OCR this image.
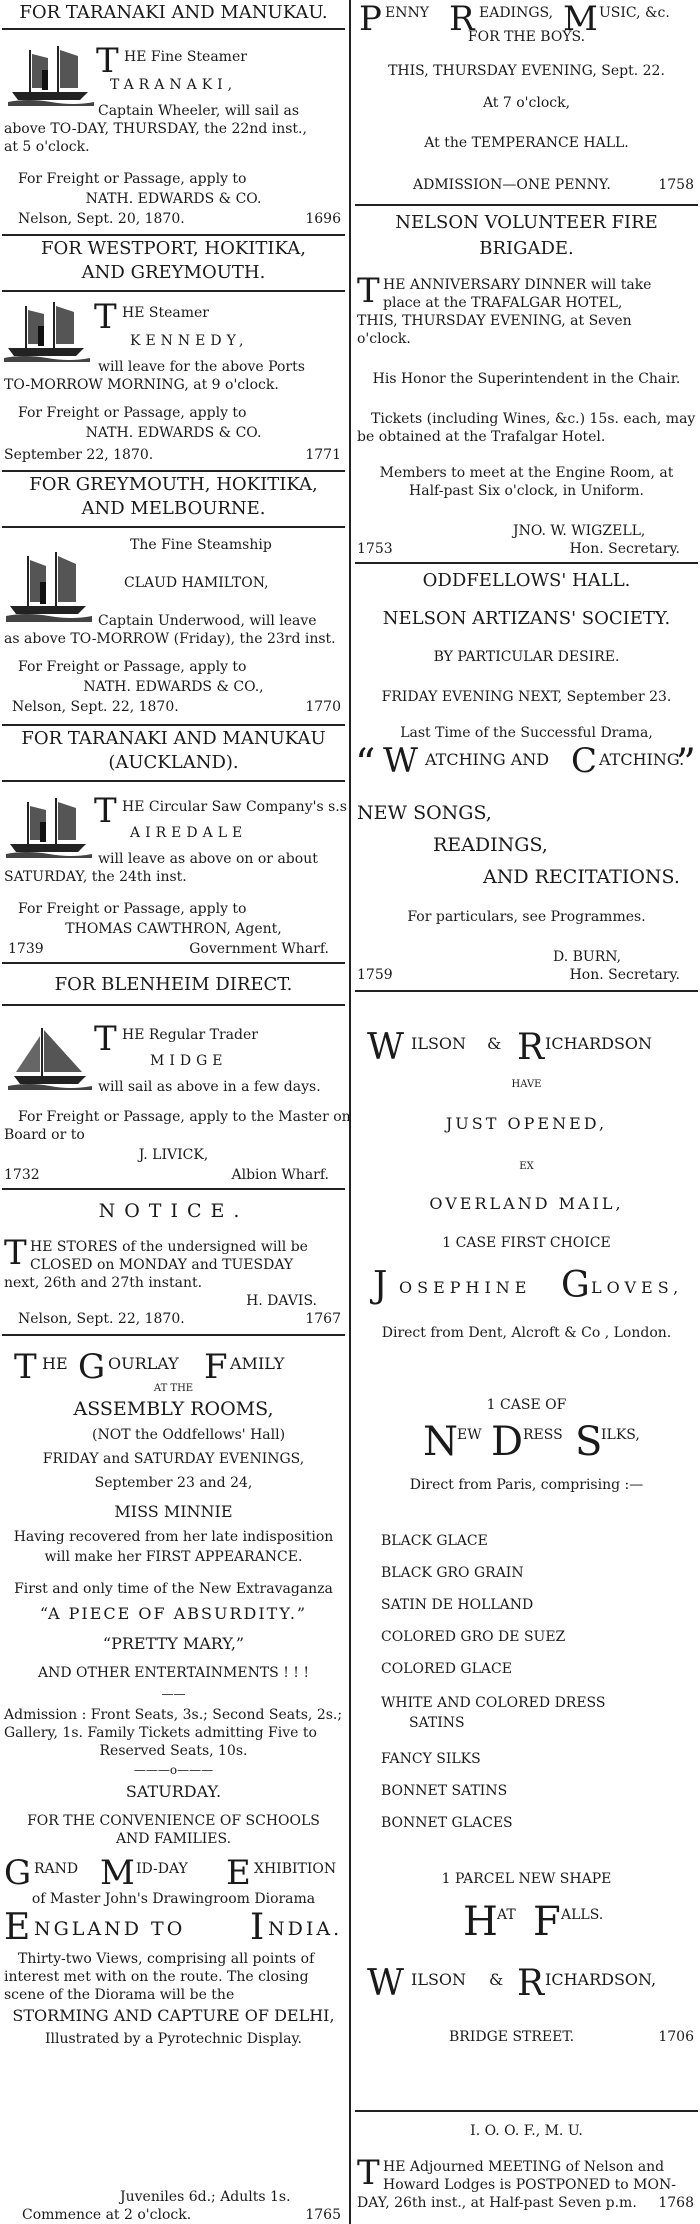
FOR TARANAKI AND MANUKAU.
T HE Fine Steamer
TARANAKI,
Captain Wheeler, will sail as
above TO-DAY, THURSDAY, the 22nd inst.,
at 5 o'clock.
For Freight or Passage, apply to
NATH. EDWARDS & CO.
Nelson, Sept. 20, 1870.	1696
FOR WESTPORT, HOKITIKA,
AND GREYMOUTH.
T HE Steamer
KENNEDY,
will leave for the above Ports
TO-MORROW MORNING, at 9 o'clock.
For Freight or Passage, apply to
NATH. EDWARDS & CO.
September 22, 1870.	1771
FOR GREYMOUTH, HOKITIKA,
AND MELBOURNE.
The Fine Steamship
CLAUD HAMILTON,
Captain Underwood, will leave
as above TO-MORROW (Friday), the 23rd inst.
For Freight or Passage, apply to
NATH. EDWARDS & CO.,
Nelson, Sept. 22, 1870.	1770
FOR TARANAKI AND MANUKAU
(AUCKLAND).
T HE Circular Saw Company's s.s
AIREDALE
will leave as above on or about
SATURDAY, the 24th inst.
For Freight or Passage, apply to
THOMAS CAWTHRON, Agent,
1739	Government Wharf.
FOR BLENHEIM DIRECT.
T HE Regular Trader
MIDGE
will sail as above in a few days.
For Freight or Passage, apply to the Master on
Board or to
J. LIVICK,
1732	Albion Wharf.
NOTICE.
T HE STORES of the undersigned will be
CLOSED on MONDAY and TUESDAY
next, 26th and 27th instant.
H. DAVIS.
Nelson, Sept. 22, 1870.	1767
T HE G OURLAY F AMILY
AT THE
ASSEMBLY ROOMS,
(NOT the Oddfellows' Hall)
FRIDAY and SATURDAY EVENINGS,
September 23 and 24,
MISS MINNIE
Having recovered from her late indisposition
will make her FIRST APPEARANCE.
First and only time of the New Extravaganza
“A PIECE OF ABSURDITY.”
“PRETTY MARY,”
AND OTHER ENTERTAINMENTS ! ! !
——
Admission : Front Seats, 3s.; Second Seats, 2s.;
Gallery, 1s. Family Tickets admitting Five to
Reserved Seats, 10s.
———o———
SATURDAY.
FOR THE CONVENIENCE OF SCHOOLS
AND FAMILIES.
G RAND M ID-DAY E XHIBITION
of Master John's Drawingroom Diorama
E NGLAND TO I NDIA.
Thirty-two Views, comprising all points of
interest met with on the route. The closing
scene of the Diorama will be the
STORMING AND CAPTURE OF DELHI,
Illustrated by a Pyrotechnic Display.
Juveniles 6d.; Adults 1s.
Commence at 2 o'clock.	1765
P ENNY R EADINGS, M USIC, &c.
FOR THE BOYS.
THIS, THURSDAY EVENING, Sept. 22.
At 7 o'clock,
At the TEMPERANCE HALL.
ADMISSION—ONE PENNY.	1758
NELSON VOLUNTEER FIRE
BRIGADE.
T HE ANNIVERSARY DINNER will take
place at the TRAFALGAR HOTEL,
THIS, THURSDAY EVENING, at Seven
o'clock.
His Honor the Superintendent in the Chair.
Tickets (including Wines, &c.) 15s. each, may
be obtained at the Trafalgar Hotel.
Members to meet at the Engine Room, at
Half-past Six o'clock, in Uniform.
JNO. W. WIGZELL,
1753	Hon. Secretary.
ODDFELLOWS' HALL.
NELSON ARTIZANS' SOCIETY.
BY PARTICULAR DESIRE.
FRIDAY EVENING NEXT, September 23.
Last Time of the Successful Drama,
“ W ATCHING AND C ATCHING.
”
NEW SONGS,
READINGS,
AND RECITATIONS.
For particulars, see Programmes.
D. BURN,
1759	Hon. Secretary.
W ILSON & R ICHARDSON
HAVE
JUST OPENED,
EX
OVERLAND MAIL,
1 CASE FIRST CHOICE
J OSEPHINE G LOVES,
Direct from Dent, Alcroft & Co , London.
1 CASE OF
N EW D RESS S
ILKS,
Direct from Paris, comprising :—
BLACK GLACE
BLACK GRO GRAIN
SATIN DE HOLLAND
COLORED GRO DE SUEZ
COLORED GLACE
WHITE AND COLORED DRESS
SATINS
FANCY SILKS
BONNET SATINS
BONNET GLACES
1 PARCEL NEW SHAPE
H AT F ALLS.
W ILSON & R ICHARDSON,
BRIDGE STREET.	1706
I. O. O. F., M. U.
T HE Adjourned MEETING of Nelson and
Howard Lodges is POSTPONED to MON-
DAY, 26th inst., at Half-past Seven p.m. 1768
